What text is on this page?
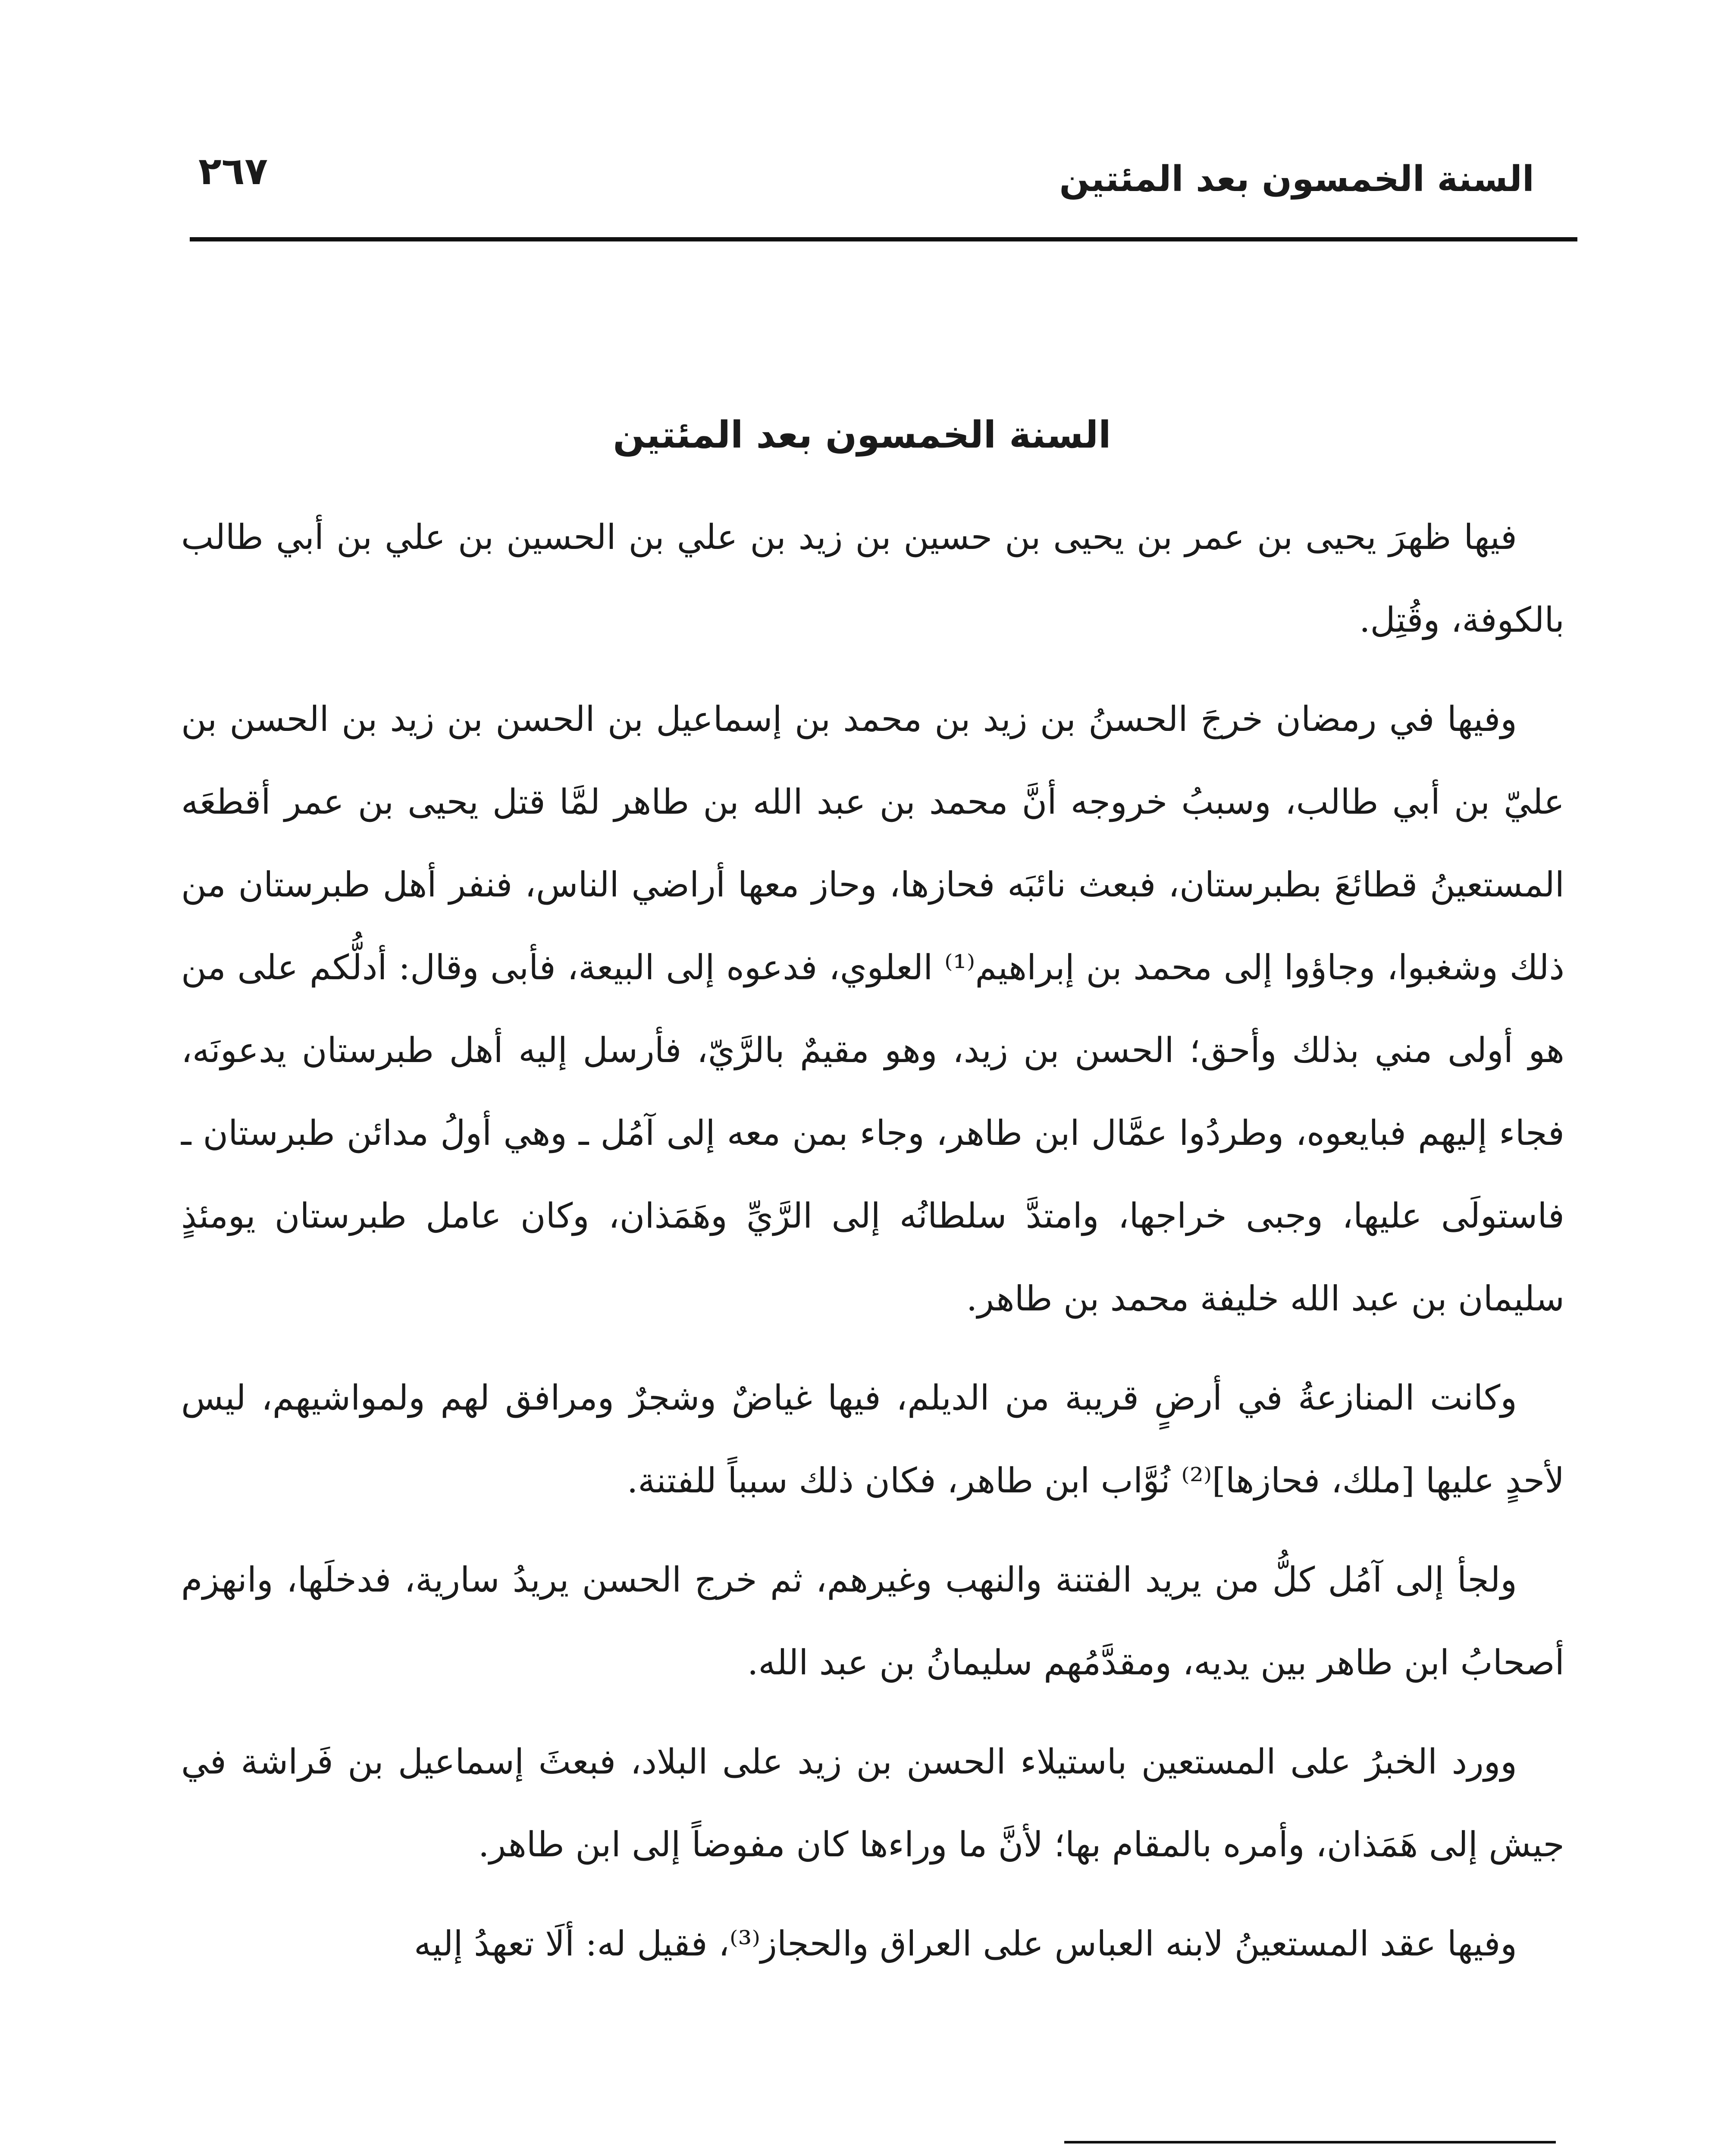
السنة الخمسون بعد المئتين
٢٦٧
السنة الخمسون بعد المئتين

فيها ظهرَ يحيى بن عمر بن يحيى بن حسين بن زيد بن علي بن الحسين بن علي بن أبي طالب بالكوفة، وقُتِل.

وفيها في رمضان خرجَ الحسنُ بن زيد بن محمد بن إسماعيل بن الحسن بن زيد بن الحسن بن عليّ بن أبي طالب، وسببُ خروجه أنَّ محمد بن عبد الله بن طاهر لمَّا قتل يحيى بن عمر أقطعَه المستعينُ قطائعَ بطبرستان، فبعث نائبَه فحازها، وحاز معها أراضي الناس، فنفر أهل طبرستان من ذلك وشغبوا، وجاؤوا إلى محمد بن إبراهيم⁽¹⁾ العلوي، فدعوه إلى البيعة، فأبى وقال: أدلُّكم على من هو أولى مني بذلك وأحق؛ الحسن بن زيد، وهو مقيمٌ بالرَّيّ، فأرسل إليه أهل طبرستان يدعونَه، فجاء إليهم فبايعوه، وطردُوا عمَّال ابن طاهر، وجاء بمن معه إلى آمُل ـ وهي أولُ مدائن طبرستان ـ فاستولَى عليها، وجبى خراجها، وامتدَّ سلطانُه إلى الرَّيِّ وهَمَذان، وكان عامل طبرستان يومئذٍ سليمان بن عبد الله خليفة محمد بن طاهر.

وكانت المنازعةُ في أرضٍ قريبة من الديلم، فيها غياضٌ وشجرٌ ومرافق لهم ولمواشيهم، ليس لأحدٍ عليها [ملك، فحازها]⁽²⁾ نُوَّاب ابن طاهر، فكان ذلك سبباً للفتنة.

ولجأ إلى آمُل كلُّ من يريد الفتنة والنهب وغيرهم، ثم خرج الحسن يريدُ سارية، فدخلَها، وانهزم أصحابُ ابن طاهر بين يديه، ومقدَّمُهم سليمانُ بن عبد الله.

وورد الخبرُ على المستعين باستيلاء الحسن بن زيد على البلاد، فبعثَ إسماعيل بن فَراشة في جيش إلى هَمَذان، وأمره بالمقام بها؛ لأنَّ ما وراءها كان مفوضاً إلى ابن طاهر.

وفيها عقد المستعينُ لابنه العباس على العراق والحجاز⁽³⁾، فقيل له: ألَا تعهدُ إليه
